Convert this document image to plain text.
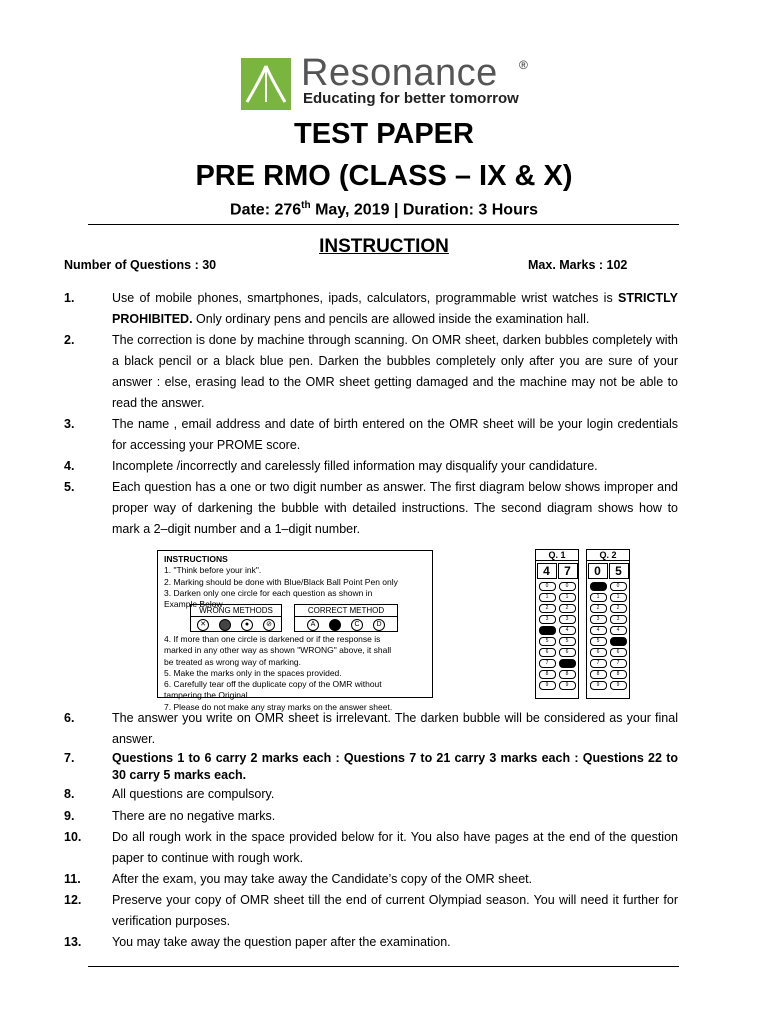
Resonance ®
Educating for better tomorrow
TEST PAPER
PRE RMO (CLASS – IX & X)
Date: 276th May, 2019 | Duration: 3 Hours
INSTRUCTION
Number of Questions : 30	Max. Marks : 102
1.	Use of mobile phones, smartphones, ipads, calculators, programmable wrist watches is STRICTLY PROHIBITED. Only ordinary pens and pencils are allowed inside the examination hall.
2.	The correction is done by machine through scanning. On OMR sheet, darken bubbles completely with a black pencil or a black blue pen. Darken the bubbles completely only after you are sure of your answer : else, erasing lead to the OMR sheet getting damaged and the machine may not be able to read the answer.
3.	The name , email address and date of birth entered on the OMR sheet will be your login credentials for accessing your PROME score.
4.	Incomplete /incorrectly and carelessly filled information may disqualify your candidature.
5.	Each question has a one or two digit number as answer. The first diagram below shows improper and proper way of darkening the bubble with detailed instructions. The second diagram shows how to mark a 2–digit number and a 1–digit number.
6.	The answer you write on OMR sheet is irrelevant. The darken bubble will be considered as your final answer.
7.	Questions 1 to 6 carry 2 marks each : Questions 7 to 21 carry 3 marks each : Questions 22 to 30 carry 5 marks each.
8.	All questions are compulsory.
9.	There are no negative marks.
10. Do all rough work in the space provided below for it. You also have pages at the end of the question paper to continue with rough work.
11.	After the exam, you may take away the Candidate’s copy of the OMR sheet.
12. Preserve your copy of OMR sheet till the end of current Olympiad season. You will need it further for verification purposes.
13. You may take away the question paper after the examination.
INSTRUCTIONS
1. "Think before your ink".
2. Marking should be done with Blue/Black Ball Point Pen only
3. Darken only one circle for each question as shown in
Example Below
WRONG METHODS
✕	● ⊘
CORRECT METHOD
A	C D
4. If more than one circle is darkened or if the response is
marked in any other way as shown "WRONG" above, it shall
be treated as wrong way of marking.
5. Make the marks only in the spaces provided.
6. Carefully tear off the duplicate copy of the OMR without
tampering the Original
7. Please do not make any stray marks on the answer sheet.
Q. 1
4	7
0
1
2
3
5
6
7
8
9
0
1
2
3
4
5
6
8
9
Q. 2
0	5
1
2
3
4
5
6
7
8
9
0
1
2
3
4
6
7
8
9
